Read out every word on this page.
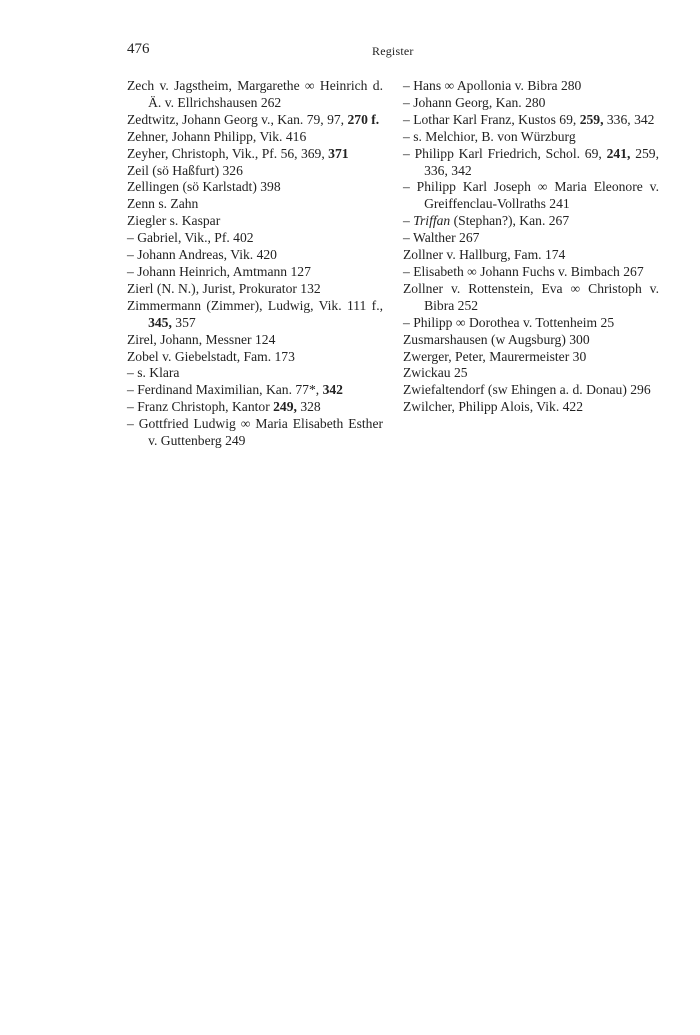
476	Register
Zech v. Jagstheim, Margarethe ∞ Heinrich d. Ä. v. Ellrichshausen 262
Zedtwitz, Johann Georg v., Kan. 79, 97, 270 f.
Zehner, Johann Philipp, Vik. 416
Zeyher, Christoph, Vik., Pf. 56, 369, 371
Zeil (sö Haßfurt) 326
Zellingen (sö Karlstadt) 398
Zenn s. Zahn
Ziegler s. Kaspar
– Gabriel, Vik., Pf. 402
– Johann Andreas, Vik. 420
– Johann Heinrich, Amtmann 127
Zierl (N. N.), Jurist, Prokurator 132
Zimmermann (Zimmer), Ludwig, Vik. 111 f., 345, 357
Zirel, Johann, Messner 124
Zobel v. Giebelstadt, Fam. 173
– s. Klara
– Ferdinand Maximilian, Kan. 77*, 342
– Franz Christoph, Kantor 249, 328
– Gottfried Ludwig ∞ Maria Elisabeth Esther v. Guttenberg 249
– Hans ∞ Apollonia v. Bibra 280
– Johann Georg, Kan. 280
– Lothar Karl Franz, Kustos 69, 259, 336, 342
– s. Melchior, B. von Würzburg
– Philipp Karl Friedrich, Schol. 69, 241, 259, 336, 342
– Philipp Karl Joseph ∞ Maria Eleonore v. Greiffenclau-Vollraths 241
– Triffan (Stephan?), Kan. 267
– Walther 267
Zollner v. Hallburg, Fam. 174
– Elisabeth ∞ Johann Fuchs v. Bimbach 267
Zollner v. Rottenstein, Eva ∞ Christoph v. Bibra 252
– Philipp ∞ Dorothea v. Tottenheim 25
Zusmarshausen (w Augsburg) 300
Zwerger, Peter, Maurermeister 30
Zwickau 25
Zwiefaltendorf (sw Ehingen a. d. Donau) 296
Zwilcher, Philipp Alois, Vik. 422
